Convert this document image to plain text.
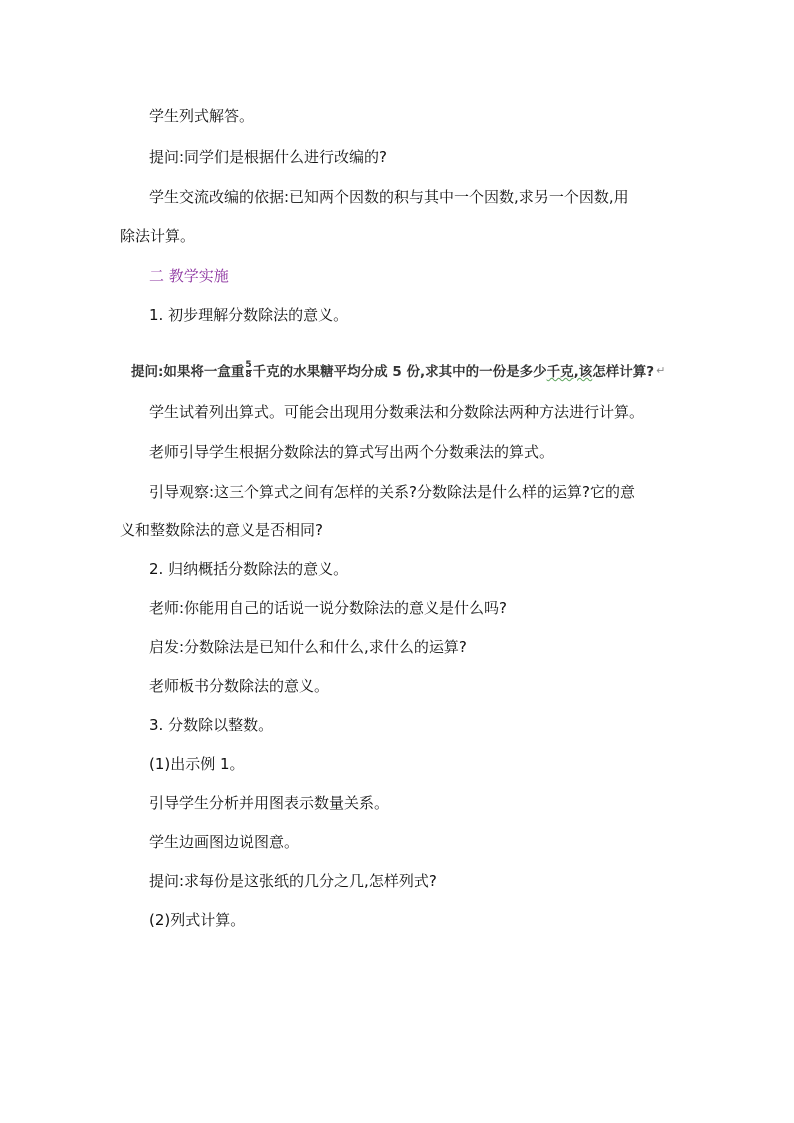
学生列式解答。

提问:同学们是根据什么进行改编的?

学生交流改编的依据:已知两个因数的积与其中一个因数,求另一个因数,用

除法计算。

二 教学实施

1. 初步理解分数除法的意义。

提问:如果将一盒重 $\frac{5}{8}$ 千克的水果糖平均分成 5 份,求其中的一份是多少 千克,该 怎样计算? ↵

学生试着列出算式。可能会出现用分数乘法和分数除法两种方法进行计算。

老师引导学生根据分数除法的算式写出两个分数乘法的算式。

引导观察:这三个算式之间有怎样的关系?分数除法是什么样的运算?它的意

义和整数除法的意义是否相同?

2. 归纳概括分数除法的意义。

老师:你能用自己的话说一说分数除法的意义是什么吗?

启发:分数除法是已知什么和什么,求什么的运算?

老师板书分数除法的意义。

3. 分数除以整数。

(1)出示例 1。

引导学生分析并用图表示数量关系。

学生边画图边说图意。

提问:求每份是这张纸的几分之几,怎样列式?

(2)列式计算。
